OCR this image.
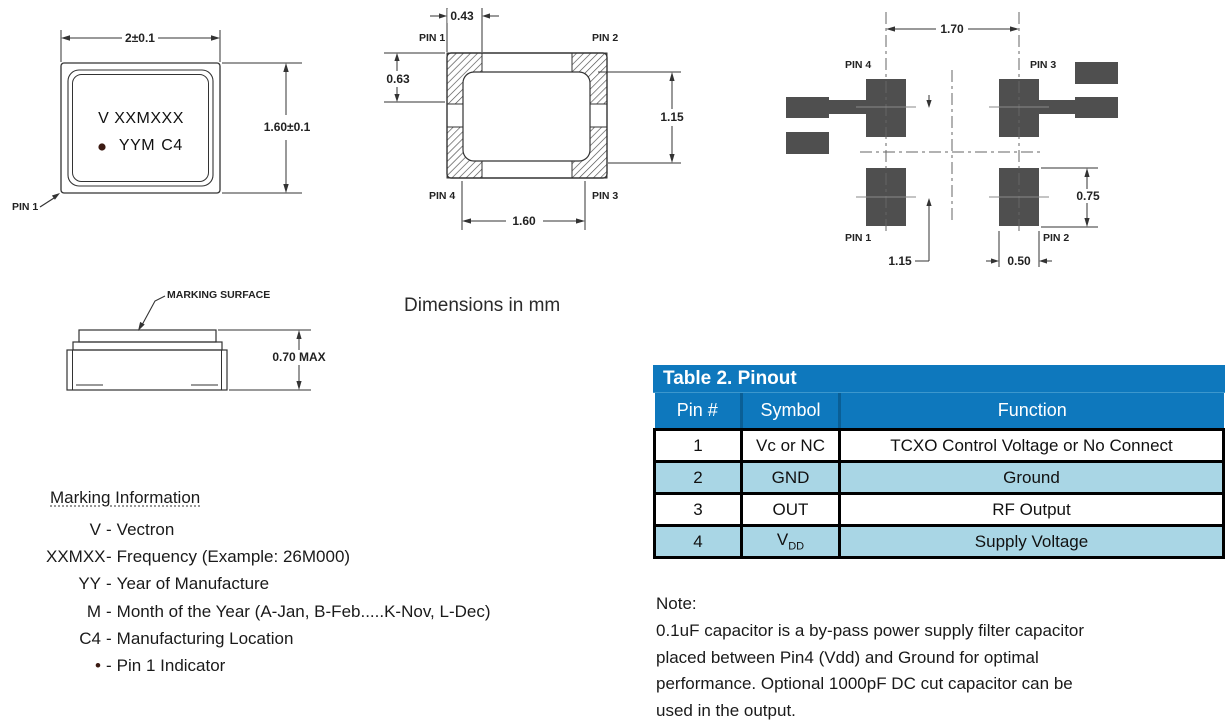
2±0.1
1.60±0.1
PIN 1
V XXMXXX
YYM C4
0.43
PIN 1	PIN 2
0.63
1.15
PIN 4	PIN 3
1.60
1.70
PIN 4	PIN 3
PIN 1	PIN 2
0.75
1.15	0.50
MARKING SURFACE
0.70 MAX
Dimensions in mm
Marking Information
V - Vectron
XXMXX - Frequency (Example: 26M000)
YY - Year of Manufacture
M - Month of the Year (A-Jan, B-Feb.....K-Nov, L-Dec)
C4 - Manufacturing Location
• - Pin 1 Indicator
Table 2. Pinout
Pin #	Symbol	Function
1	Vc or NC	TCXO Control Voltage or No Connect
2	GND	Ground
3	OUT	RF Output
4	$V_{DD}$	Supply Voltage
Note:
0.1uF capacitor is a by-pass power supply filter capacitor
placed between Pin4 (Vdd) and Ground for optimal
performance. Optional 1000pF DC cut capacitor can be
used in the output.
